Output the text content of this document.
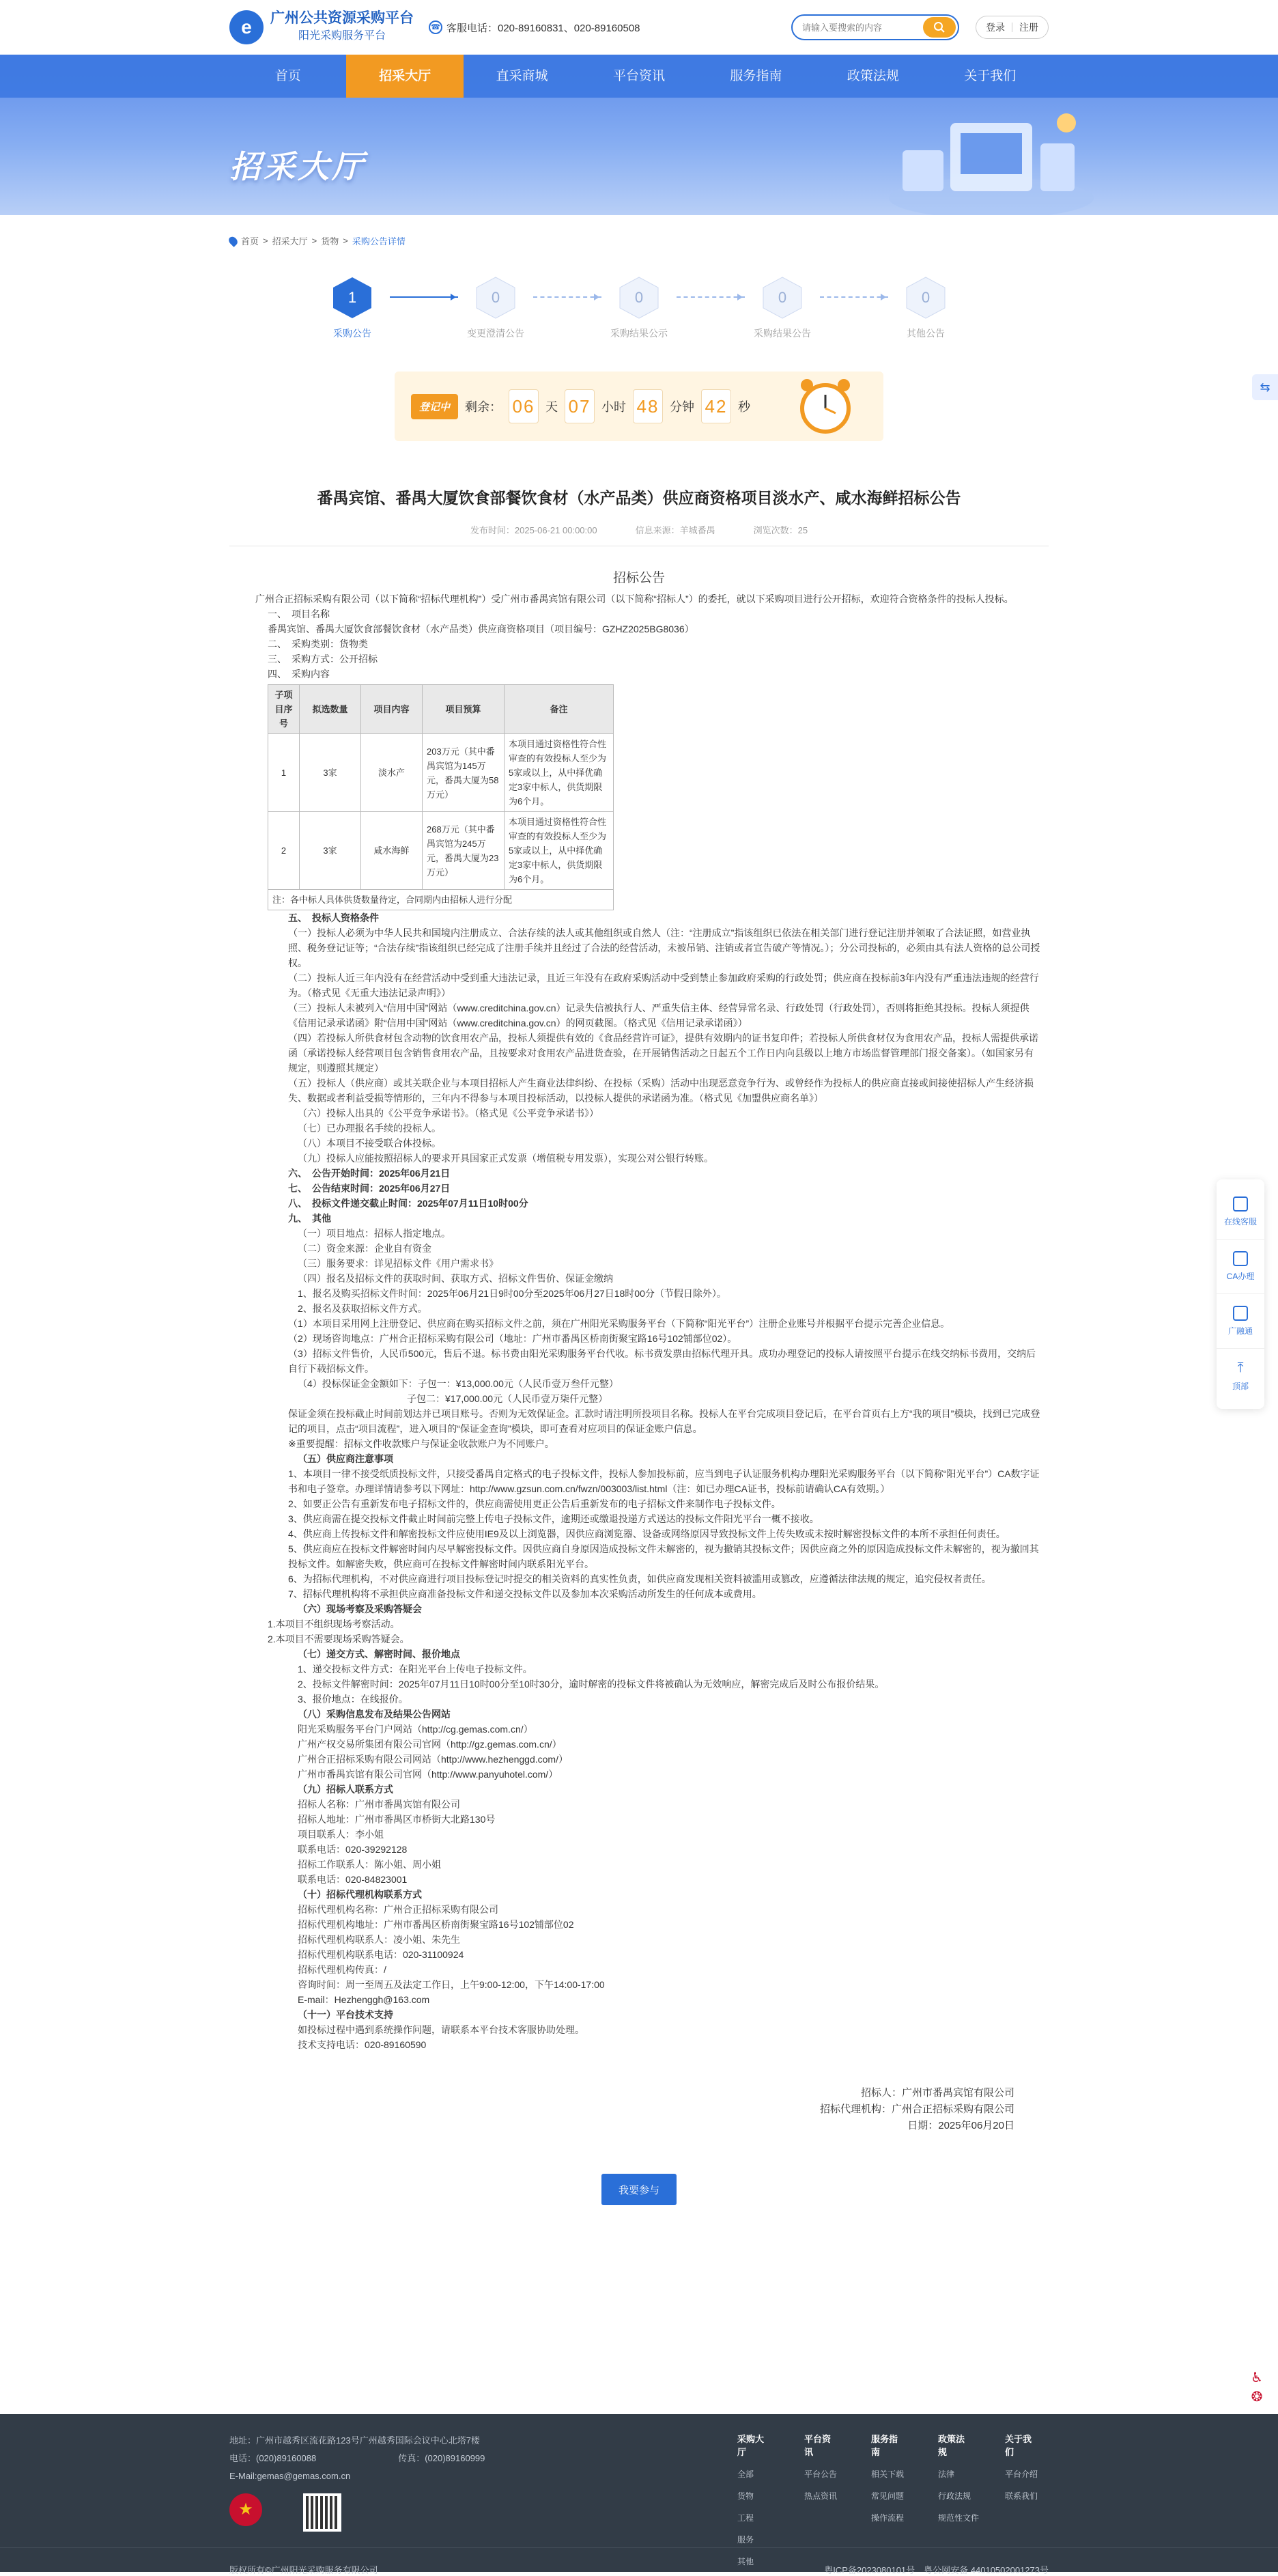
e	广州公共资源采购平台
阳光采购服务平台
☎ 客服电话：020-89160831、020-89160508
请输入要搜索的内容	登录 注册
首页	招采大厅	直采商城	平台资讯	服务指南	政策法规	关于我们
招采大厅
首页 > 招采大厅 > 货物 > 采购公告详情
1
采购公告
0
变更澄清公告
0
采购结果公示
0
采购结果公告
0
其他公告
登记中	剩余： 06 天 07 小时 48 分钟 42 秒
番禺宾馆、番禺大厦饮食部餐饮食材（水产品类）供应商资格项目淡水产、咸水海鲜招标公告
发布时间：2025-06-21 00:00:00	信息来源：羊城番禺	浏览次数：25
招标公告

广州合正招标采购有限公司（以下简称“招标代理机构”）受广州市番禺宾馆有限公司（以下简称“招标人”）的委托，就以下采购项目进行公开招标，欢迎符合资格条件的投标人投标。

一、　项目名称

番禺宾馆、番禺大厦饮食部餐饮食材（水产品类）供应商资格项目（项目编号：GZHZ2025BG8036）

二、　采购类别：货物类

三、　采购方式：公开招标

四、　采购内容

子项目序号	拟选数量	项目内容	项目预算	备注
1	3家	淡水产	203万元（其中番禺宾馆为145万元，番禺大厦为58万元）	本项目通过资格性符合性审查的有效投标人至少为5家或以上，从中择优确定3家中标人，供货期限为6个月。
2	3家	咸水海鲜	268万元（其中番禺宾馆为245万元，番禺大厦为23万元）	本项目通过资格性符合性审查的有效投标人至少为5家或以上，从中择优确定3家中标人，供货期限为6个月。
注：各中标人具体供货数量待定，合同期内由招标人进行分配				

五、　投标人资格条件

（一）投标人必须为中华人民共和国境内注册成立、合法存续的法人或其他组织或自然人（注：“注册成立”指该组织已依法在相关部门进行登记注册并领取了合法证照，如营业执照、税务登记证等；“合法存续”指该组织已经完成了注册手续并且经过了合法的经营活动，未被吊销、注销或者宣告破产等情况。）；分公司投标的，必须由具有法人资格的总公司授权。

（二）投标人近三年内没有在经营活动中受到重大违法记录，且近三年没有在政府采购活动中受到禁止参加政府采购的行政处罚；供应商在投标前3年内没有严重违法违规的经营行为。（格式见《无重大违法记录声明》）

（三）投标人未被列入“信用中国”网站（www.creditchina.gov.cn）记录失信被执行人、严重失信主体、经营异常名录、行政处罚（行政处罚），否则将拒绝其投标。投标人须提供《信用记录承诺函》附“信用中国”网站（www.creditchina.gov.cn）的网页截图。（格式见《信用记录承诺函》）

（四）若投标人所供食材包含动物的饮食用农产品，投标人须提供有效的《食品经营许可证》，提供有效期内的证书复印件；若投标人所供食材仅为食用农产品，投标人需提供承诺函（承诺投标人经营项目包含销售食用农产品，且按要求对食用农产品进货查验，在开展销售活动之日起五个工作日内向县级以上地方市场监督管理部门报交备案）。（如国家另有规定，则遵照其规定）

（五）投标人（供应商）或其关联企业与本项目招标人产生商业法律纠纷、在投标（采购）活动中出现恶意竞争行为、或曾经作为投标人的供应商直接或间接使招标人产生经济损失、数据或者利益受损等情形的，三年内不得参与本项目投标活动，以投标人提供的承诺函为准。（格式见《加盟供应商名单》）

（六）投标人出具的《公平竞争承诺书》。（格式见《公平竞争承诺书》）

（七）已办理报名手续的投标人。

（八）本项目不接受联合体投标。

（九）投标人应能按照招标人的要求开具国家正式发票（增值税专用发票），实现公对公银行转账。

六、　公告开始时间：2025年06月21日

七、　公告结束时间：2025年06月27日

八、　投标文件递交截止时间：2025年07月11日10时00分

九、　其他

（一）项目地点：招标人指定地点。

（二）资金来源：企业自有资金

（三）服务要求：详见招标文件《用户需求书》

（四）报名及招标文件的获取时间、获取方式、招标文件售价、保证金缴纳

1、报名及购买招标文件时间：2025年06月21日9时00分至2025年06月27日18时00分（节假日除外）。

2、报名及获取招标文件方式。

（1）本项目采用网上注册登记、供应商在购买招标文件之前，须在广州阳光采购服务平台（下简称“阳光平台”）注册企业账号并根据平台提示完善企业信息。

（2）现场咨询地点：广州合正招标采购有限公司（地址：广州市番禺区桥南街聚宝路16号102铺部位02）。

（3）招标文件售价，人民币500元，售后不退。标书费由阳光采购服务平台代收。标书费发票由招标代理开具。成功办理登记的投标人请按照平台提示在线交纳标书费用，交纳后自行下载招标文件。

（4）投标保证金金额如下：子包一：¥13,000.00元（人民币壹万叁仟元整）

子包二：¥17,000.00元（人民币壹万柒仟元整）

保证金须在投标截止时间前划达并已项目账号。否则为无效保证金。汇款时请注明所投项目名称。投标人在平台完成项目登记后，在平台首页右上方“我的项目”模块，找到已完成登记的项目，点击“项目流程”，进入项目的“保证金查询”模块，即可查看对应项目的保证金账户信息。

※重要提醒：招标文件收款账户与保证金收款账户为不同账户。

（五）供应商注意事项

1、本项目一律不接受纸质投标文件，只接受番禺自定格式的电子投标文件，投标人参加投标前，应当到电子认证服务机构办理阳光采购服务平台（以下简称“阳光平台”）CA数字证书和电子签章。办理详情请参考以下网址：http://www.gzsun.com.cn/fwzn/003003/list.html（注：如已办理CA证书，投标前请确认CA有效期。）

2、如要正公告有重新发布电子招标文件的，供应商需使用更正公告后重新发布的电子招标文件来制作电子投标文件。

3、供应商需在提交投标文件截止时间前完整上传电子投标文件，逾期还或缴退投递方式送达的投标文件阳光平台一概不接收。

4、供应商上传投标文件和解密投标文件应使用IE9及以上浏览器，因供应商浏览器、设备或网络原因导致投标文件上传失败或未按时解密投标文件的本所不承担任何责任。

5、供应商应在投标文件解密时间内尽早解密投标文件。因供应商自身原因造成投标文件未解密的，视为撤销其投标文件；因供应商之外的原因造成投标文件未解密的，视为撤回其投标文件。如解密失败，供应商可在投标文件解密时间内联系阳光平台。

6、为招标代理机构，不对供应商进行项目投标登记时提交的相关资料的真实性负责，如供应商发现相关资料被滥用或篡改，应遵循法律法规的规定，追究侵权者责任。

7、招标代理机构将不承担供应商准备投标文件和递交投标文件以及参加本次采购活动所发生的任何成本或费用。

（六）现场考察及采购答疑会

1.本项目不组织现场考察活动。

2.本项目不需要现场采购答疑会。

（七）递交方式、解密时间、报价地点

1、递交投标文件方式：在阳光平台上传电子投标文件。

2、投标文件解密时间：2025年07月11日10时00分至10时30分，逾时解密的投标文件将被确认为无效响应，解密完成后及时公布报价结果。

3、报价地点：在线报价。

（八）采购信息发布及结果公告网站

阳光采购服务平台门户网站（http://cg.gemas.com.cn/）

广州产权交易所集团有限公司官网（http://gz.gemas.com.cn/）

广州合正招标采购有限公司网站（http://www.hezhenggd.com/）

广州市番禺宾馆有限公司官网（http://www.panyuhotel.com/）

（九）招标人联系方式

招标人名称：广州市番禺宾馆有限公司

招标人地址：广州市番禺区市桥街大北路130号

项目联系人：李小姐

联系电话：020-39292128

招标工作联系人：陈小姐、周小姐

联系电话：020-84823001

（十）招标代理机构联系方式

招标代理机构名称：广州合正招标采购有限公司

招标代理机构地址：广州市番禺区桥南街聚宝路16号102铺部位02

招标代理机构联系人：凌小姐、朱先生

招标代理机构联系电话：020-31100924

招标代理机构传真：/

咨询时间：周一至周五及法定工作日，上午9:00-12:00，下午14:00-17:00

E-mail：Hezhenggh@163.com

（十一）平台技术支持

如投标过程中遇到系统操作问题，请联系本平台技术客服协助处理。

技术支持电话：020-89160590

招标人：广州市番禺宾馆有限公司

招标代理机构：广州合正招标采购有限公司

日期：2025年06月20日

我要参与
⇆
在线客服
CA办理
广融通
⤒
顶部
♿
❂

地址：广州市越秀区流花路123号广州越秀国际会议中心北塔7楼

电话：(020)89160088	传真：(020)89160999

E-Mail:gemas@gemas.com.cn

★
采购大厅
全部
货物
工程
服务
其他
平台资讯
平台公告
热点资讯
服务指南
相关下载
常见问题
操作流程
政策法规
法律
行政法规
规范性文件
关于我们
平台介绍
联系我们
版权所有©广州阳光采购服务有限公司	粤ICP备2023080101号　粤公网安备 44010502001273号
